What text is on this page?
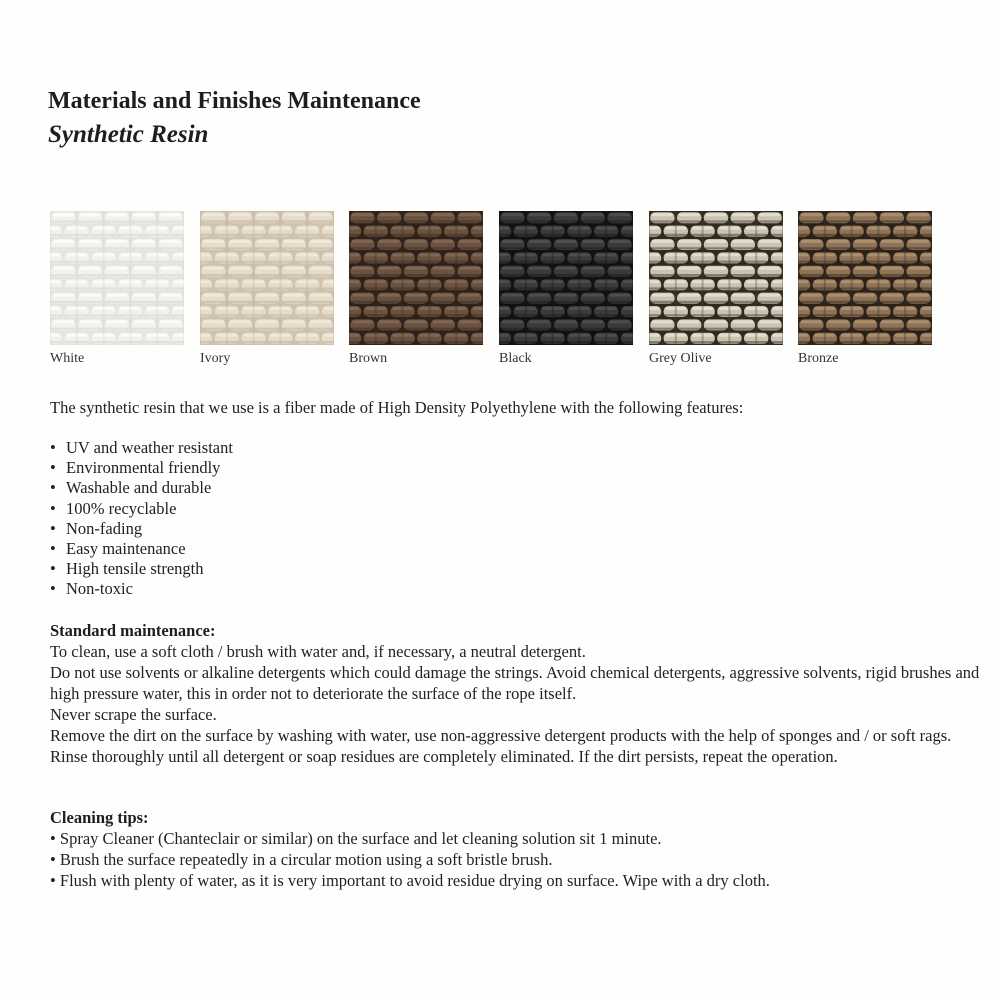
Materials and Finishes Maintenance
Synthetic Resin
White	Ivory	Brown	Black	Grey Olive	Bronze
The synthetic resin that we use is a fiber made of High Density Polyethylene with the following features:
• UV and weather resistant
• Environmental friendly
• Washable and durable
• 100% recyclable
• Non-fading
• Easy maintenance
• High tensile strength
• Non-toxic
Standard maintenance:

To clean, use a soft cloth / brush with water and, if necessary, a neutral detergent.

Do not use solvents or alkaline detergents which could damage the strings. Avoid chemical detergents, aggressive solvents, rigid brushes and high pressure water, this in order not to deteriorate the surface of the rope itself.

Never scrape the surface.

Remove the dirt on the surface by washing with water, use non-aggressive detergent products with the help of sponges and / or soft rags.

Rinse thoroughly until all detergent or soap residues are completely eliminated. If the dirt persists, repeat the operation.

Cleaning tips:

• Spray Cleaner (Chanteclair or similar) on the surface and let cleaning solution sit 1 minute.

• Brush the surface repeatedly in a circular motion using a soft bristle brush.

• Flush with plenty of water, as it is very important to avoid residue drying on surface. Wipe with a dry cloth.
